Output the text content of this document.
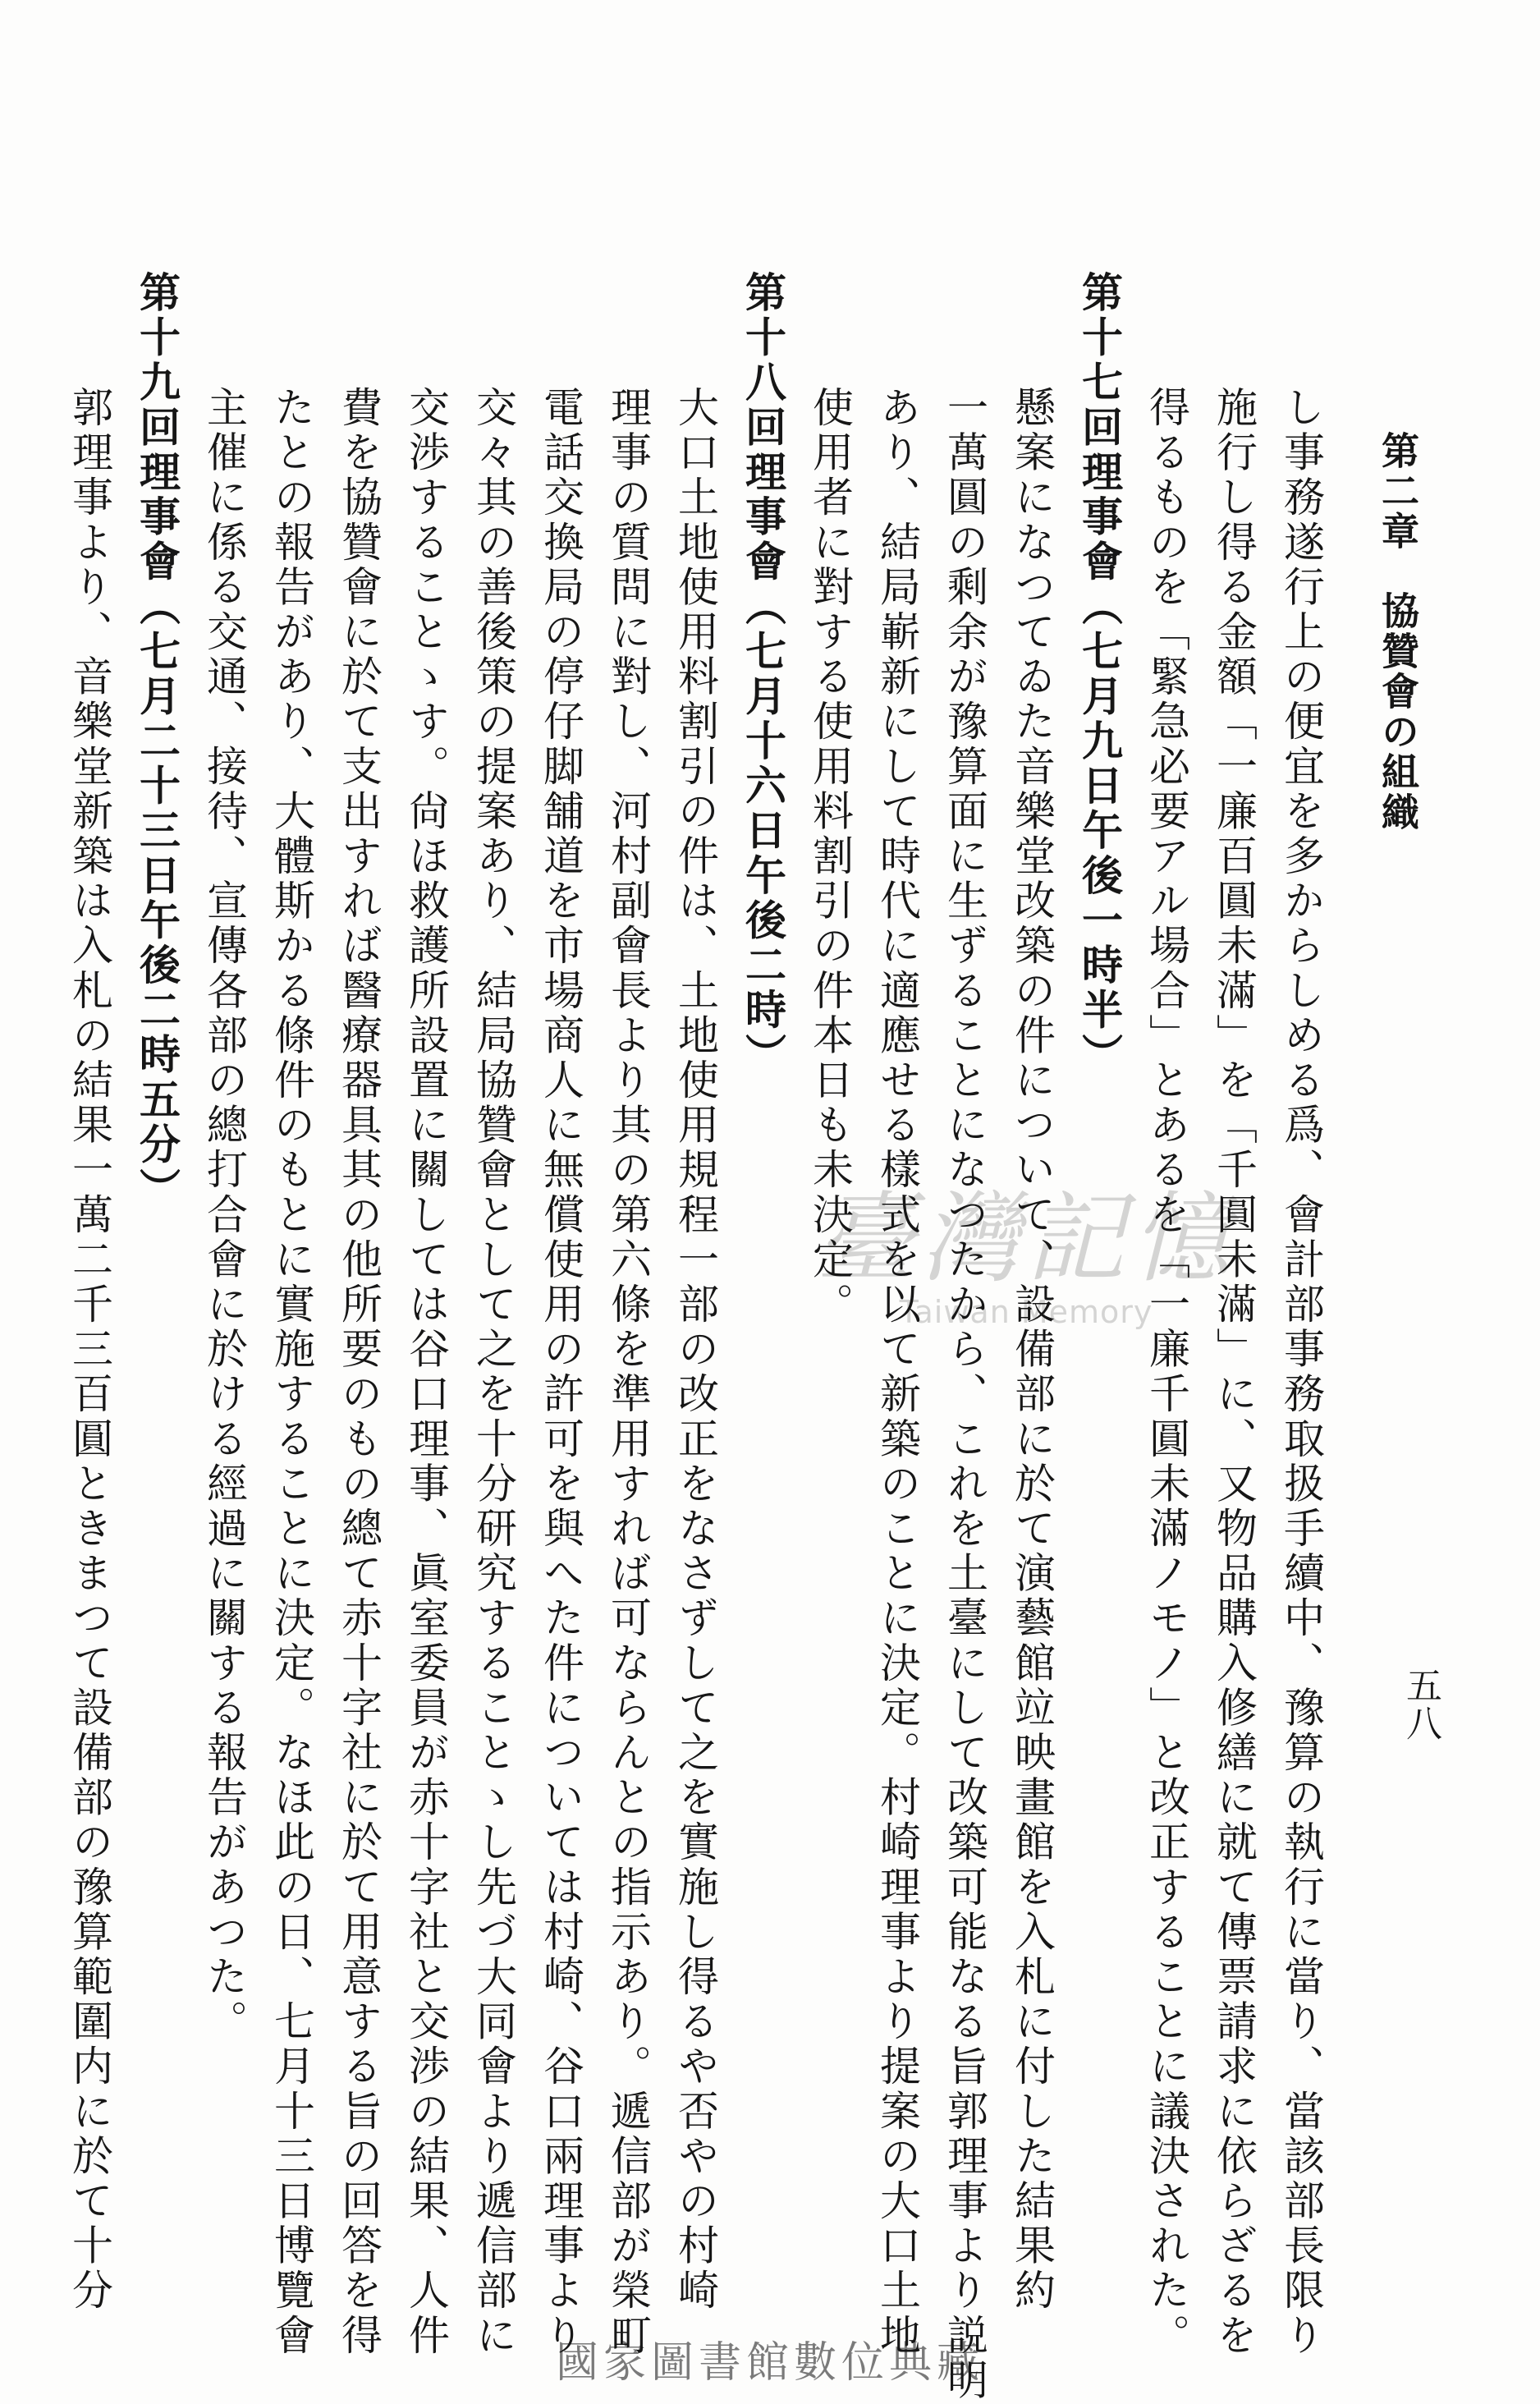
第二章協贊會の組織
五八
臺灣記憶
Taiwan Memory
國家圖書館數位典藏
し事務遂行上の便宜を多からしめる爲、會計部事務取扱手續中、豫算の執行に當り、當該部長限り
施行し得る金額「一廉百圓未滿」を「千圓未滿」に、又物品購入修繕に就て傳票請求に依らざるを
得るものを「緊急必要アル場合」とあるを「一廉千圓未滿ノモノ」と改正することに議決された。
第十七回理事會（七月九日午後一時半）
懸案になつてゐた音樂堂改築の件について、設備部に於て演藝館竝映畫館を入札に付した結果約
一萬圓の剩余が豫算面に生ずることになつたから、これを土臺にして改築可能なる旨郭理事より説明
あり、結局嶄新にして時代に適應せる樣式を以て新築のことに決定。村崎理事より提案の大口土地
使用者に對する使用料割引の件本日も未決定。
第十八回理事會（七月十六日午後二時）
大口土地使用料割引の件は、土地使用規程一部の改正をなさずして之を實施し得るや否やの村崎
理事の質問に對し、河村副會長より其の第六條を準用すれば可ならんとの指示あり。遞信部が榮町
電話交換局の停仔脚舗道を市場商人に無償使用の許可を與へた件については村崎、谷口兩理事より
交々其の善後策の提案あり、結局協贊會として之を十分研究することゝし先づ大同會より遞信部に
交渉することゝす。尙ほ救護所設置に關しては谷口理事、眞室委員が赤十字社と交渉の結果、人件
費を協贊會に於て支出すれば醫療器具其の他所要のもの總て赤十字社に於て用意する旨の回答を得
たとの報告があり、大體斯かる條件のもとに實施することに決定。なほ此の日、七月十三日博覽會
主催に係る交通、接待、宣傳各部の總打合會に於ける經過に關する報告があつた。
第十九回理事會（七月二十三日午後二時五分）
郭理事より、音樂堂新築は入札の結果一萬二千三百圓ときまつて設備部の豫算範圍内に於て十分
